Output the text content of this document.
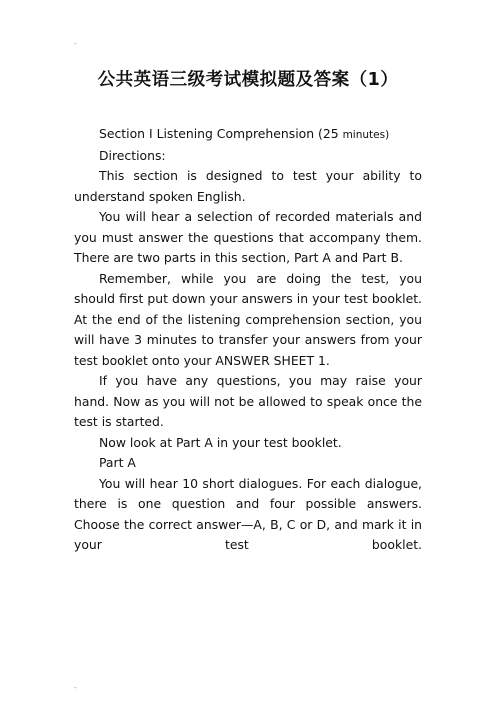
-
公共英语三级考试模拟题及答案（1）

Section I Listening Comprehension (25 minutes)

Directions:

This section is designed to test your ability to understand spoken English.

You will hear a selection of recorded materials and you must answer the questions that accompany them. There are two parts in this section, Part A and Part B.

Remember, while you are doing the test, you should first put down your answers in your test booklet. At the end of the listening comprehension section, you will have 3 minutes to transfer your answers from your test booklet onto your ANSWER SHEET 1.

If you have any questions, you may raise your hand. Now as you will not be allowed to speak once the test is started.

Now look at Part A in your test booklet.

Part A

You will hear 10 short dialogues. For each dialogue, there is one question and four possible answers. Choose the correct answer—A, B, C or D, and mark it in your test booklet.

-
